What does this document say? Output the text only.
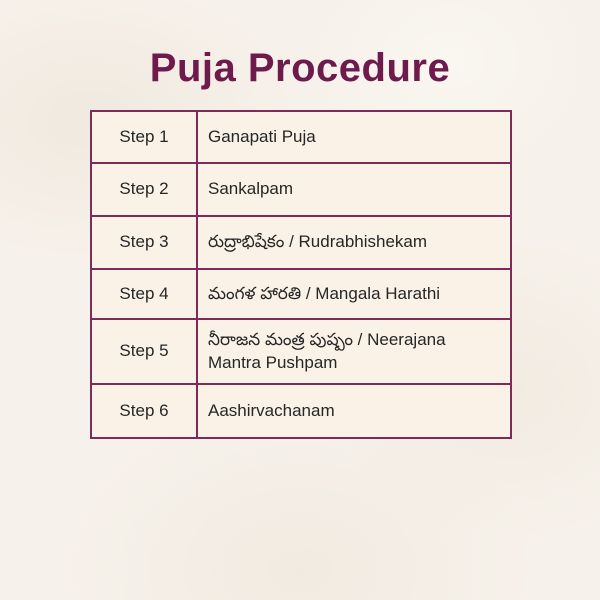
Puja Procedure
Step 1	Ganapati Puja
Step 2	Sankalpam
Step 3	రుద్రాభిషేకం / Rudrabhishekam
Step 4	మంగళ హారతి / Mangala Harathi
Step 5	నీరాజన మంత్ర పుష్పం / Neerajana Mantra Pushpam
Step 6	Aashirvachanam
